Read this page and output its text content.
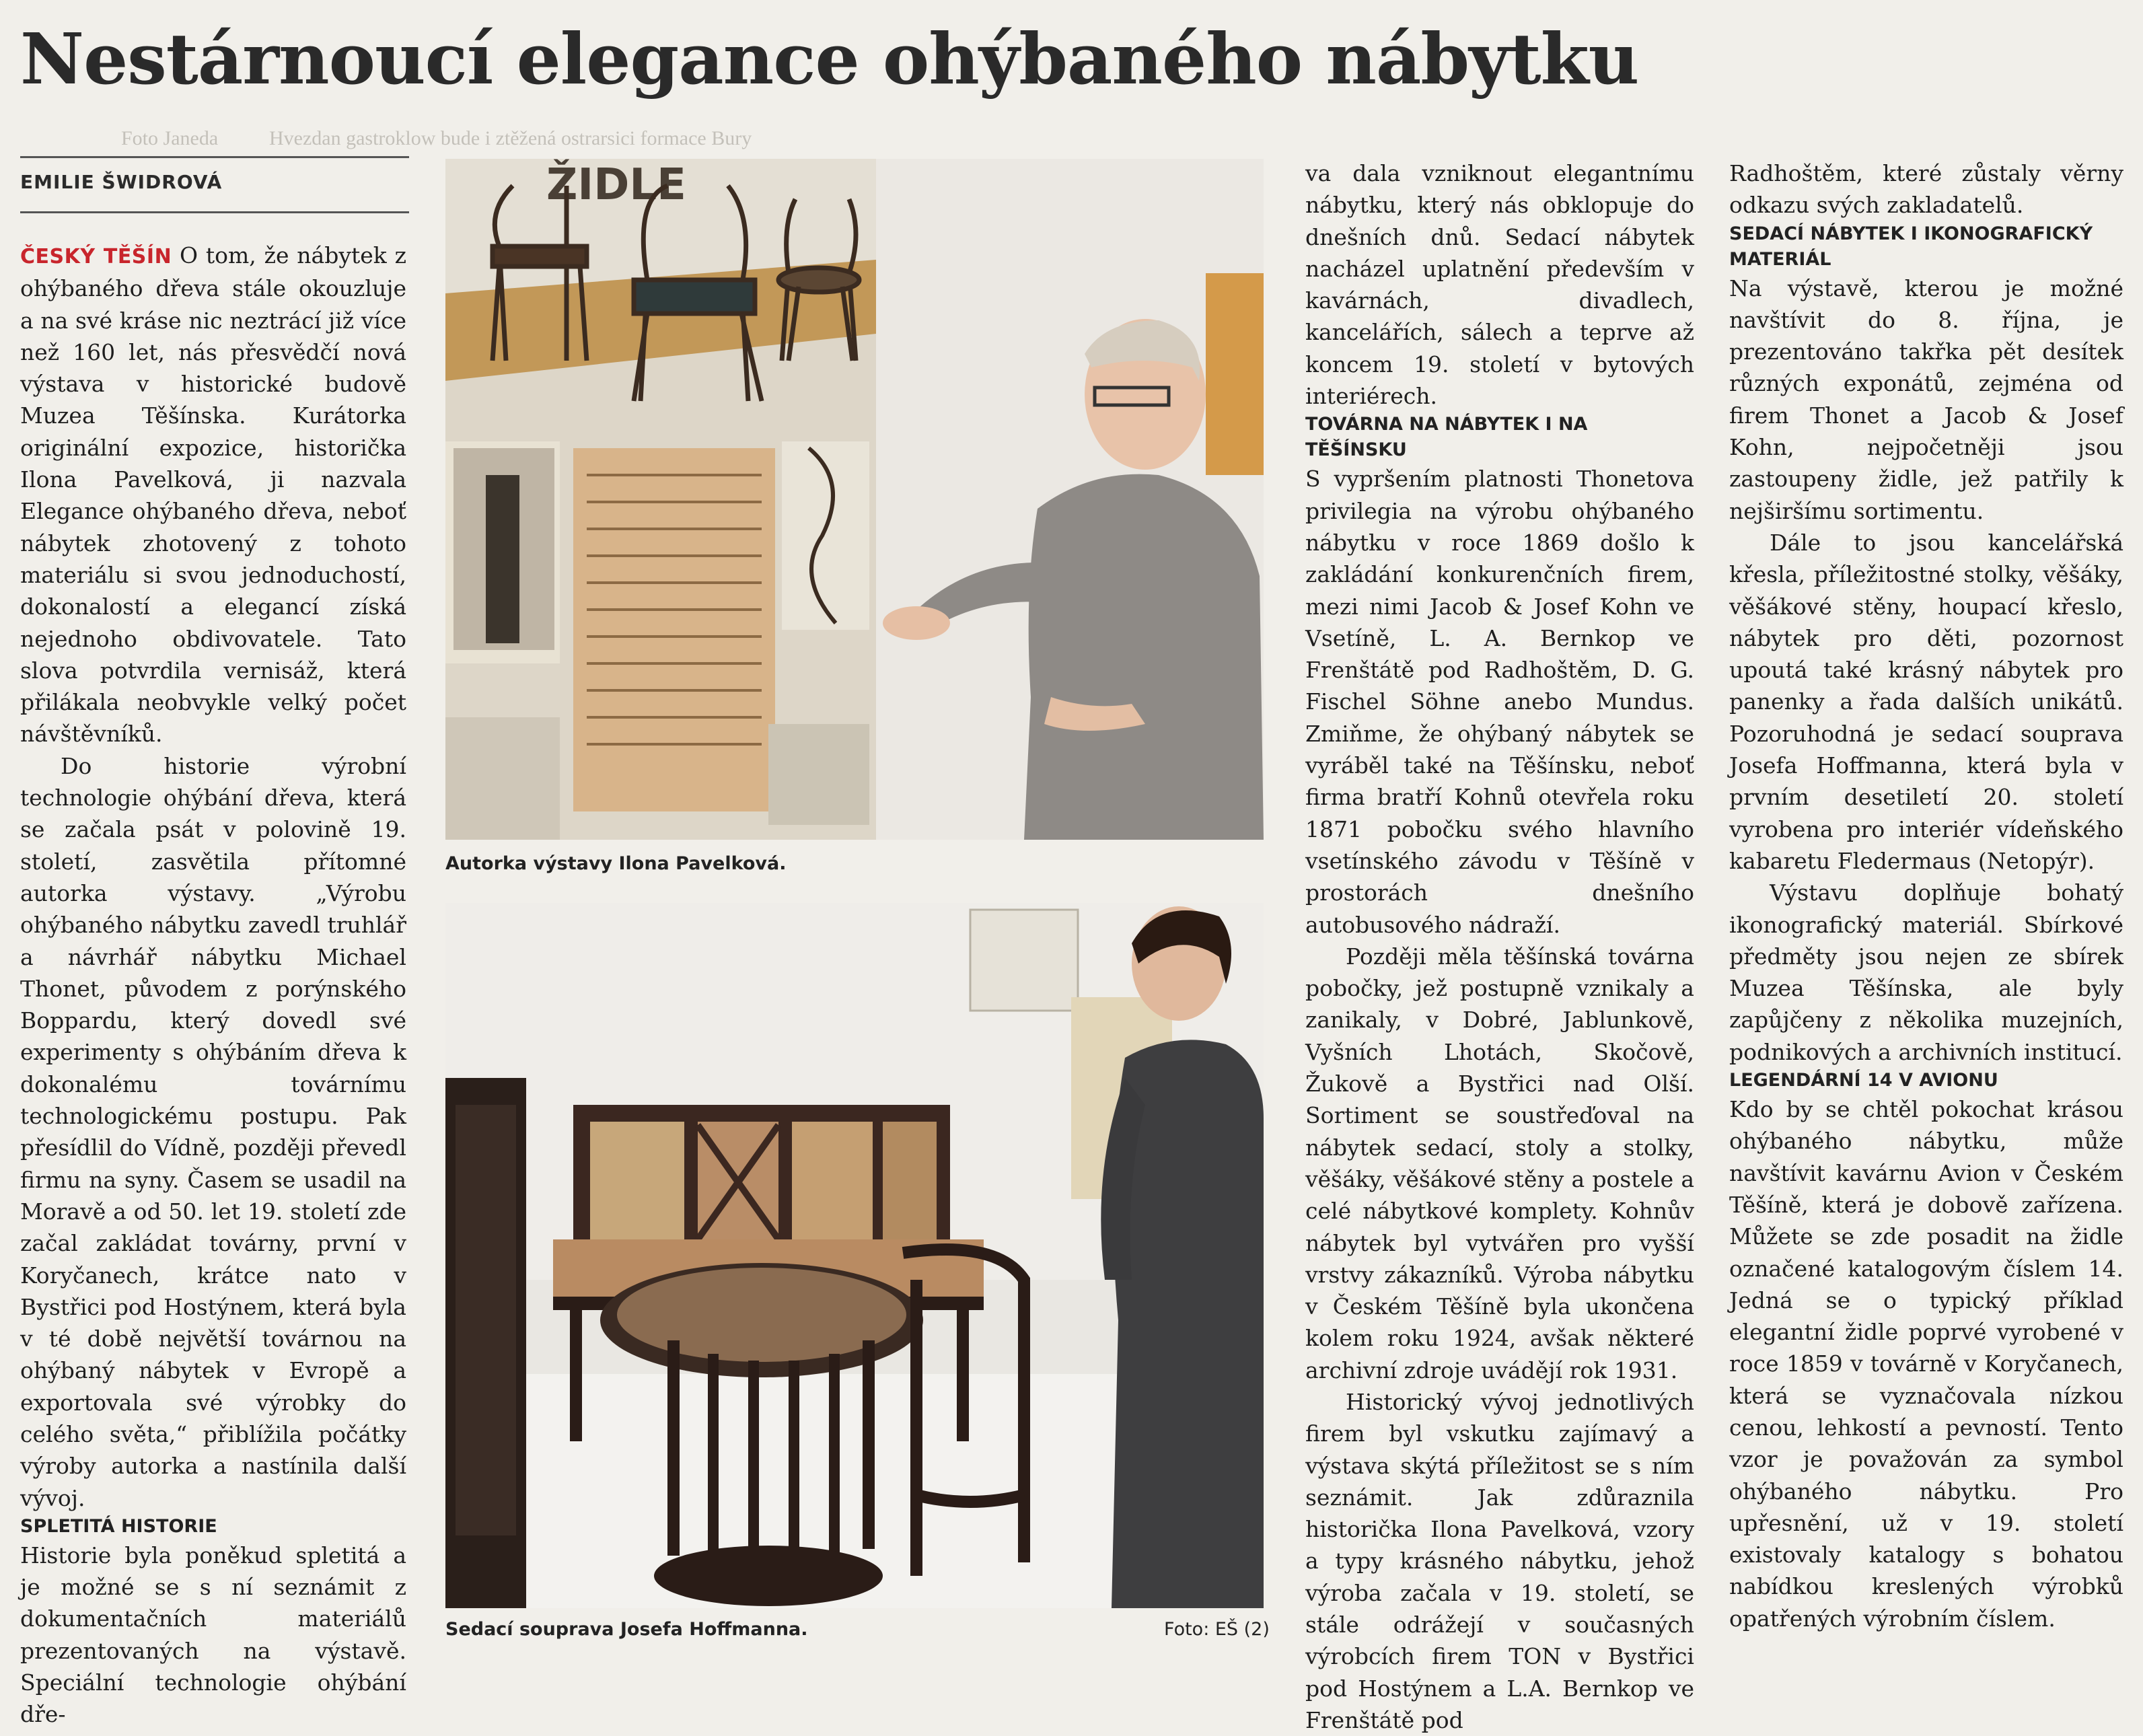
Hvezdan gastroklow bude i ztěžená ostrarsici formace Bury
Foto Janeda
Nestárnoucí elegance ohýbaného nábytku
EMILIE ŠWIDROVÁ

ČESKÝ TĚŠÍN O tom, že nábytek z ohýbaného dřeva stále okouzluje a na své kráse nic neztrácí již více než 160 let, nás přesvědčí nová výstava v historické budově Muzea Těšínska. Kurátorka originální expozice, historička Ilona Pavelková, ji nazvala Elegance ohýbaného dřeva, neboť nábytek zhotovený z tohoto materiálu si svou jednoduchostí, dokonalostí a elegancí získá nejednoho obdivovatele. Tato slova potvrdila vernisáž, která přilákala neobvykle velký počet návštěvníků.

Do historie výrobní technologie ohýbání dřeva, která se začala psát v polovině 19. století, zasvětila přítomné autorka výstavy. „Výrobu ohýbaného nábytku zavedl truhlář a návrhář nábytku Michael Thonet, původem z porýnského Boppardu, který dovedl své experimenty s ohýbáním dřeva k dokonalému továrnímu technologickému postupu. Pak přesídlil do Vídně, později převedl firmu na syny. Časem se usadil na Moravě a od 50. let 19. století zde začal zakládat továrny, první v Koryčanech, krátce nato v Bystřici pod Hostýnem, která byla v té době největší továrnou na ohýbaný nábytek v Evropě a exportovala své výrobky do celého světa,“ přiblížila počátky výroby autorka a nastínila další vývoj.

SPLETITÁ HISTORIE

Historie byla poněkud spletitá a je možné se s ní seznámit z dokumentačních materiálů prezentovaných na výstavě. Speciální technologie ohýbání dře-

ŽIDLE
Autorka výstavy Ilona Pavelková.
Sedací souprava Josefa Hoffmanna.	Foto: EŠ (2)

va dala vzniknout elegantnímu nábytku, který nás obklopuje do dnešních dnů. Sedací nábytek nacházel uplatnění především v kavárnách, divadlech, kancelářích, sálech a teprve až koncem 19. století v bytových interiérech.

TOVÁRNA NA NÁBYTEK I NA TĚŠÍNSKU

S vypršením platnosti Thonetova privilegia na výrobu ohýbaného nábytku v roce 1869 došlo k zakládání konkurenčních firem, mezi nimi Jacob & Josef Kohn ve Vsetíně, L. A. Bernkop ve Frenštátě pod Radhoštěm, D. G. Fischel Söhne anebo Mundus. Zmiňme, že ohýbaný nábytek se vyráběl také na Těšínsku, neboť firma bratří Kohnů otevřela roku 1871 pobočku svého hlavního vsetínského závodu v Těšíně v prostorách dnešního autobusového nádraží.

Později měla těšínská továrna pobočky, jež postupně vznikaly a zanikaly, v Dobré, Jablunkově, Vyšních Lhotách, Skočově, Žukově a Bystřici nad Olší. Sortiment se soustřeďoval na nábytek sedací, stoly a stolky, věšáky, věšákové stěny a postele a celé nábytkové komplety. Kohnův nábytek byl vytvářen pro vyšší vrstvy zákazníků. Výroba nábytku v Českém Těšíně byla ukončena kolem roku 1924, avšak některé archivní zdroje uvádějí rok 1931.

Historický vývoj jednotlivých firem byl vskutku zajímavý a výstava skýtá příležitost se s ním seznámit. Jak zdůraznila historička Ilona Pavelková, vzory a typy krásného nábytku, jehož výroba začala v 19. století, se stále odrážejí v současných výrobcích firem TON v Bystřici pod Hostýnem a L.A. Bernkop ve Frenštátě pod

Radhoštěm, které zůstaly věrny odkazu svých zakladatelů.

SEDACÍ NÁBYTEK I IKONOGRAFICKÝ MATERIÁL

Na výstavě, kterou je možné navštívit do 8. října, je prezentováno takřka pět desítek různých exponátů, zejména od firem Thonet a Jacob & Josef Kohn, nejpočetněji jsou zastoupeny židle, jež patřily k nejširšímu sortimentu.

Dále to jsou kancelářská křesla, příležitostné stolky, věšáky, věšákové stěny, houpací křeslo, nábytek pro děti, pozornost upoutá také krásný nábytek pro panenky a řada dalších unikátů. Pozoruhodná je sedací souprava Josefa Hoffmanna, která byla v prvním desetiletí 20. století vyrobena pro interiér vídeňského kabaretu Fledermaus (Netopýr).

Výstavu doplňuje bohatý ikonografický materiál. Sbírkové předměty jsou nejen ze sbírek Muzea Těšínska, ale byly zapůjčeny z několika muzejních, podnikových a archivních institucí.

LEGENDÁRNÍ 14 V AVIONU

Kdo by se chtěl pokochat krásou ohýbaného nábytku, může navštívit kavárnu Avion v Českém Těšíně, která je dobově zařízena. Můžete se zde posadit na židle označené katalogovým číslem 14. Jedná se o typický příklad elegantní židle poprvé vyrobené v roce 1859 v továrně v Koryčanech, která se vyznačovala nízkou cenou, lehkostí a pevností. Tento vzor je považován za symbol ohýbaného nábytku. Pro upřesnění, už v 19. století existovaly katalogy s bohatou nabídkou kreslených výrobků opatřených výrobním číslem.
